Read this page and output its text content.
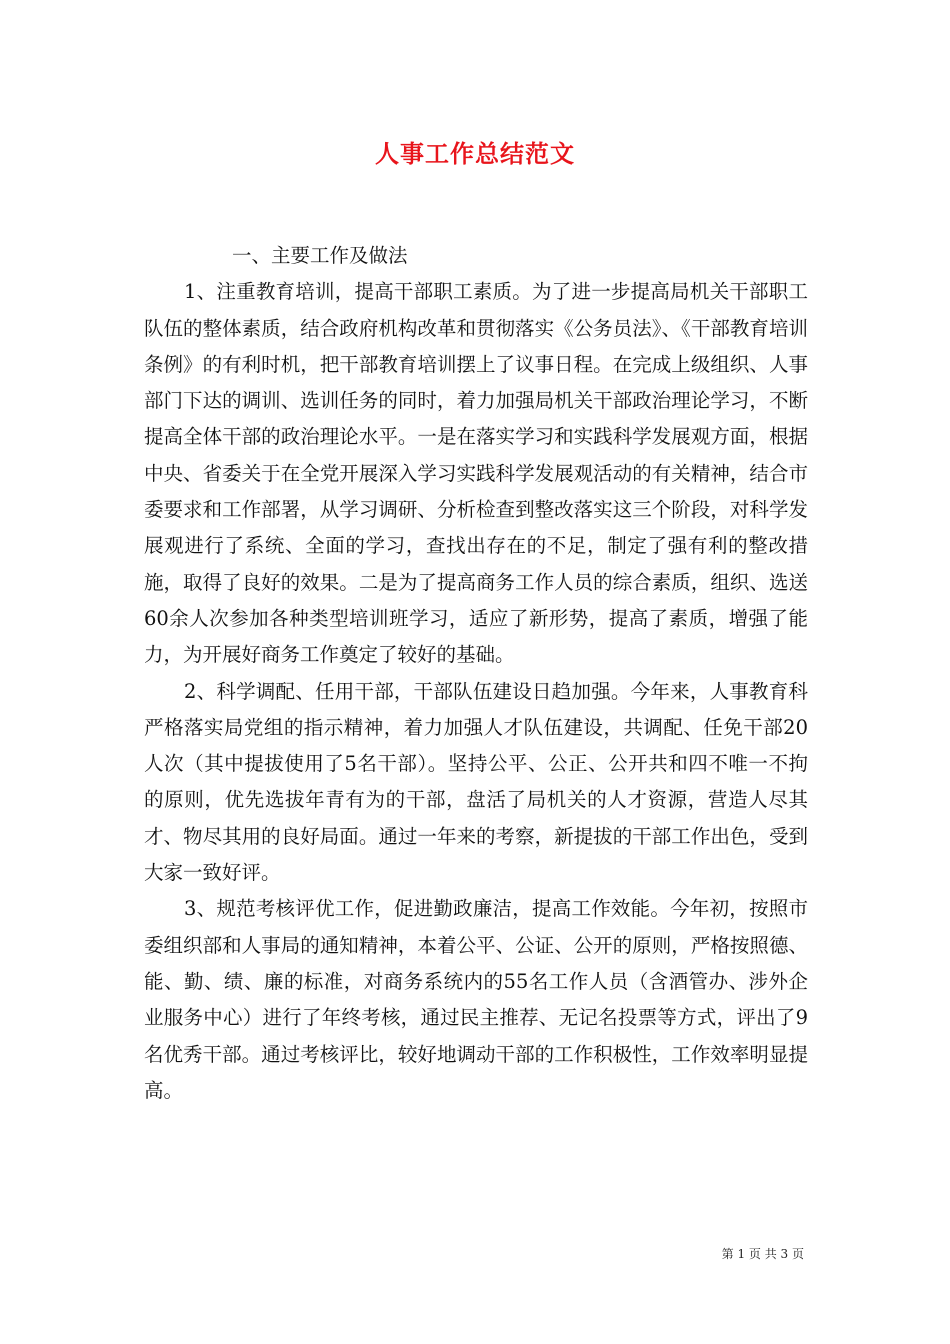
人事工作总结范文

一、主要工作及做法

1、注重教育培训，提高干部职工素质。为了进一步提高局机关干部职工队伍的整体素质，结合政府机构改革和贯彻落实《公务员法》、《干部教育培训条例》的有利时机，把干部教育培训摆上了议事日程。在完成上级组织、人事部门下达的调训、选训任务的同时，着力加强局机关干部政治理论学习，不断提高全体干部的政治理论水平。一是在落实学习和实践科学发展观方面，根据中央、省委关于在全党开展深入学习实践科学发展观活动的有关精神，结合市委要求和工作部署，从学习调研、分析检查到整改落实这三个阶段，对科学发展观进行了系统、全面的学习，查找出存在的不足，制定了强有利的整改措施，取得了良好的效果。二是为了提高商务工作人员的综合素质，组织、选送60余人次参加各种类型培训班学习，适应了新形势，提高了素质，增强了能力，为开展好商务工作奠定了较好的基础。

2、科学调配、任用干部，干部队伍建设日趋加强。今年来，人事教育科严格落实局党组的指示精神，着力加强人才队伍建设，共调配、任免干部20人次（其中提拔使用了5名干部）。坚持公平、公正、公开共和四不唯一不拘的原则，优先选拔年青有为的干部，盘活了局机关的人才资源，营造人尽其才、物尽其用的良好局面。通过一年来的考察，新提拔的干部工作出色，受到大家一致好评。

3、规范考核评优工作，促进勤政廉洁，提高工作效能。今年初，按照市委组织部和人事局的通知精神，本着公平、公证、公开的原则，严格按照德、能、勤、绩、廉的标准，对商务系统内的55名工作人员（含酒管办、涉外企业服务中心）进行了年终考核，通过民主推荐、无记名投票等方式，评出了9名优秀干部。通过考核评比，较好地调动干部的工作积极性，工作效率明显提高。

第 1 页 共 3 页
